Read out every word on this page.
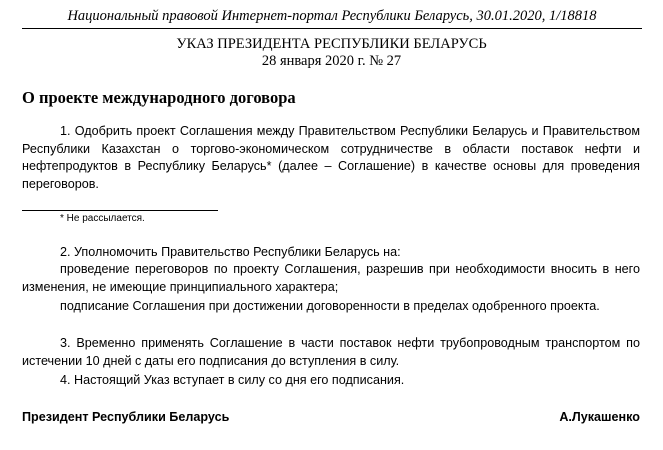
Национальный правовой Интернет-портал Республики Беларусь, 30.01.2020, 1/18818
УКАЗ ПРЕЗИДЕНТА РЕСПУБЛИКИ БЕЛАРУСЬ
28 января 2020 г. № 27
О проекте международного договора

1. Одобрить проект Соглашения между Правительством Республики Беларусь и Правительством Республики Казахстан о торгово-экономическом сотрудничестве в области поставок нефти и нефтепродуктов в Республику Беларусь* (далее – Соглашение) в качестве основы для проведения переговоров.

* Не рассылается.

2. Уполномочить Правительство Республики Беларусь на:

проведение переговоров по проекту Соглашения, разрешив при необходимости вносить в него изменения, не имеющие принципиального характера;

подписание Соглашения при достижении договоренности в пределах одобренного проекта.

3. Временно применять Соглашение в части поставок нефти трубопроводным транспортом по истечении 10 дней с даты его подписания до вступления в силу.

4. Настоящий Указ вступает в силу со дня его подписания.

Президент Республики Беларусь	А.Лукашенко
